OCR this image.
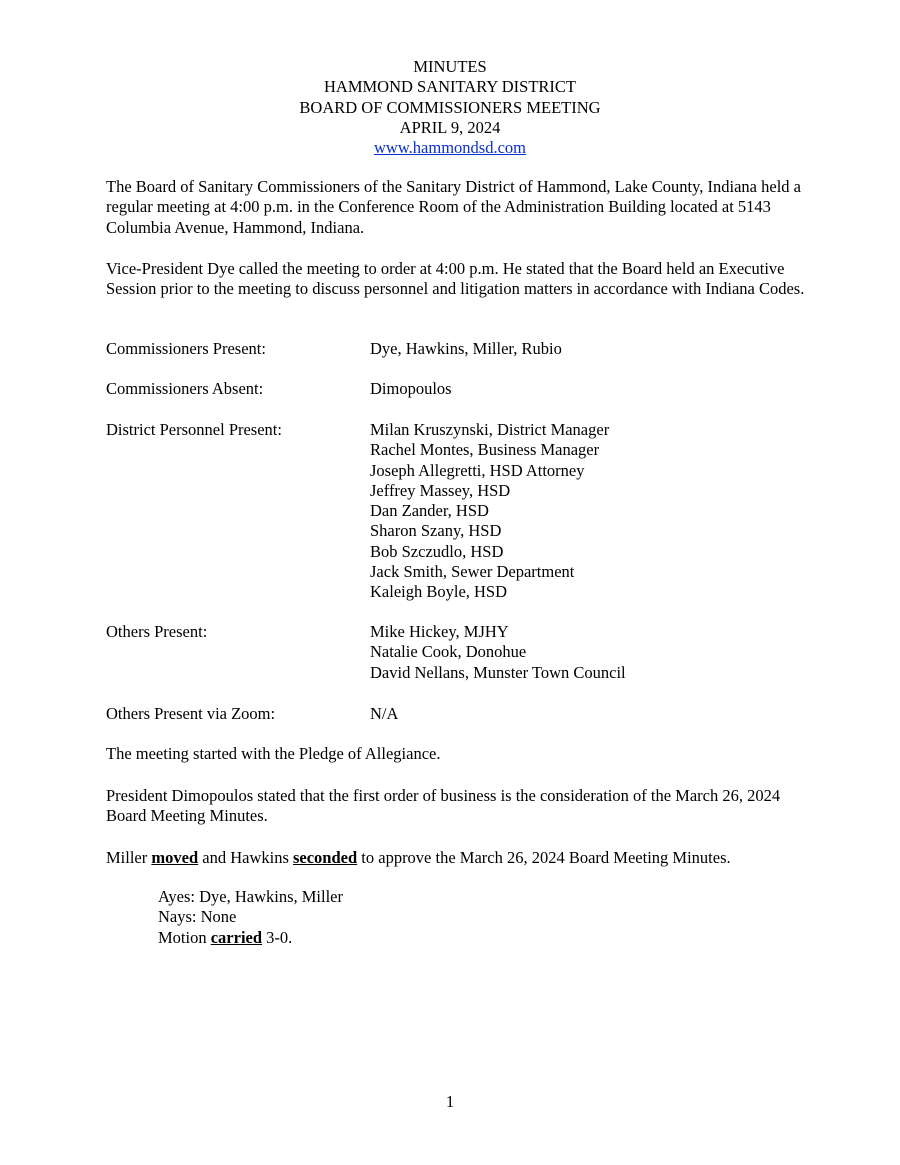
MINUTES
HAMMOND SANITARY DISTRICT
BOARD OF COMMISSIONERS MEETING
APRIL 9, 2024
www.hammondsd.com

The Board of Sanitary Commissioners of the Sanitary District of Hammond, Lake County, Indiana held a regular meeting at 4:00 p.m. in the Conference Room of the Administration Building located at 5143 Columbia Avenue, Hammond, Indiana.

Vice-President Dye called the meeting to order at 4:00 p.m. He stated that the Board held an Executive Session prior to the meeting to discuss personnel and litigation matters in accordance with Indiana Codes.

Commissioners Present:	Dye, Hawkins, Miller, Rubio
Commissioners Absent:	Dimopoulos
District Personnel Present:	Milan Kruszynski, District Manager
Rachel Montes, Business Manager
Joseph Allegretti, HSD Attorney
Jeffrey Massey, HSD
Dan Zander, HSD
Sharon Szany, HSD
Bob Szczudlo, HSD
Jack Smith, Sewer Department
Kaleigh Boyle, HSD
Others Present:	Mike Hickey, MJHY
Natalie Cook, Donohue
David Nellans, Munster Town Council
Others Present via Zoom:	N/A

The meeting started with the Pledge of Allegiance.

President Dimopoulos stated that the first order of business is the consideration of the March 26, 2024 Board Meeting Minutes.

Miller moved and Hawkins seconded to approve the March 26, 2024 Board Meeting Minutes.

Ayes: Dye, Hawkins, Miller
Nays: None
Motion carried 3-0.
1
